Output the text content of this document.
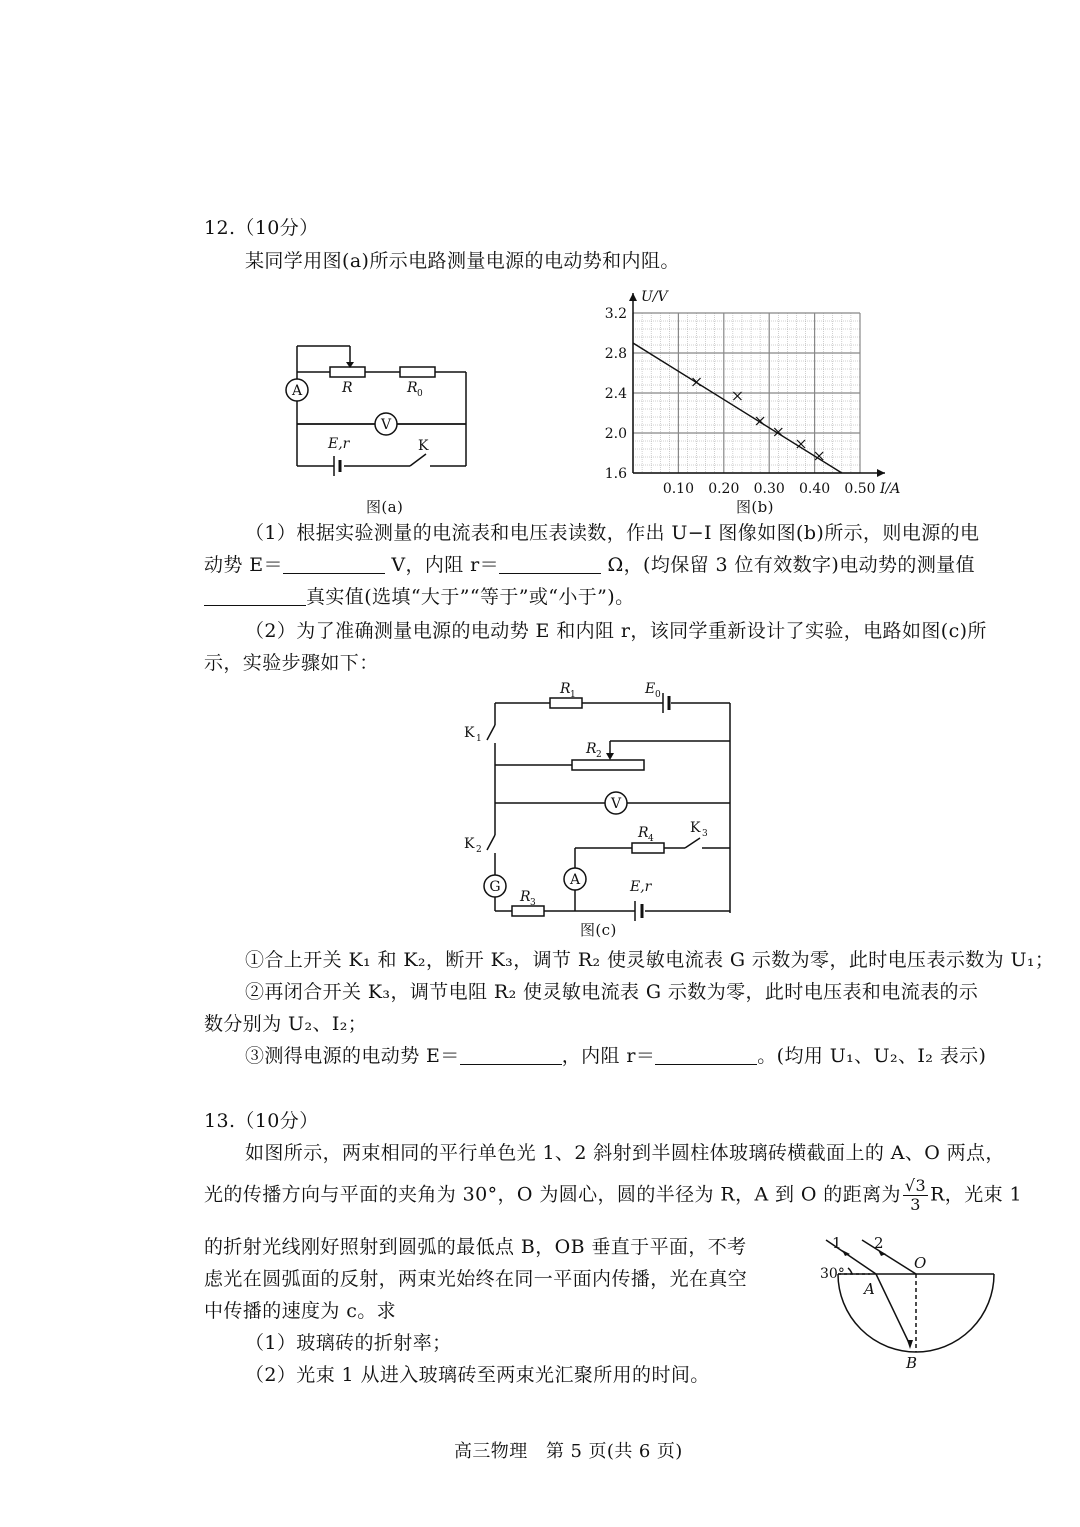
12.（10分）
某同学用图(a)所示电路测量电源的电动势和内阻。
A
V
R	R 0
E,r	K
图(a)
1.6
2.0
2.4
2.8
3.2
0.10 0.20 0.30 0.40 0.50
U/V
I/A
图(b)
（1）根据实验测量的电流表和电压表读数，作出 U−I 图像如图(b)所示，则电源的电
动势 E＝	V，内阻 r＝	Ω，(均保留 3 位有效数字)电动势的测量值
真实值(选填“大于”“等于”或“小于”)。
（2）为了准确测量电源的电动势 E 和内阻 r，该同学重新设计了实验，电路如图(c)所
示，实验步骤如下：
V
G	A
R 1	E 0
K 1
R 2
K 2
R 4
K 3
E,r
R 3
图(c)
①合上开关 K₁ 和 K₂，断开 K₃，调节 R₂ 使灵敏电流表 G 示数为零，此时电压表示数为 U₁；
②再闭合开关 K₃，调节电阻 R₂ 使灵敏电流表 G 示数为零，此时电压表和电流表的示
数分别为 U₂、I₂；
③测得电源的电动势 E＝	，内阻 r＝	。(均用 U₁、U₂、I₂ 表示)
13.（10分）
如图所示，两束相同的平行单色光 1、2 斜射到半圆柱体玻璃砖横截面上的 A、O 两点，
光的传播方向与平面的夹角为 30°，O 为圆心，圆的半径为 R，A 到 O 的距离为 $\frac{√3}{3}$ R，光束 1
的折射光线刚好照射到圆弧的最低点 B，OB 垂直于平面，不考
虑光在圆弧面的反射，两束光始终在同一平面内传播，光在真空
中传播的速度为 c。求
（1）玻璃砖的折射率；
（2）光束 1 从进入玻璃砖至两束光汇聚所用的时间。
1 2
30°
A
O
B
高三物理　第 5 页(共 6 页)
